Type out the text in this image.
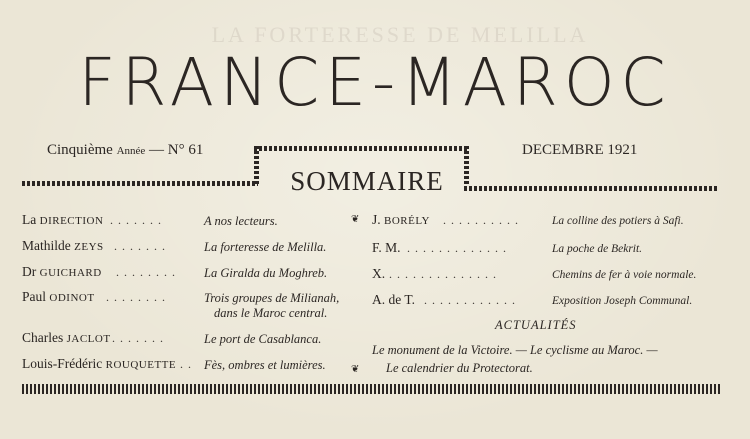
LA FORTERESSE DE MELILLA
FRANCE-MAROC
Cinquième Année — N° 61	DECEMBRE 1921
SOMMAIRE
❦
❦
La DIRECTION . . . . . . .	A nos lecteurs.
Mathilde ZEYS . . . . . . .	La forteresse de Melilla.
Dr GUICHARD . . . . . . . . La Giralda du Moghreb.
Paul ODINOT . . . . . . . .	Trois groupes de Milianah,
dans le Maroc central.
Charles JACLOT . . . . . . .	Le port de Casablanca.
Louis-Frédéric ROUQUETTE . . Fès, ombres et lumières.
J. BORÉLY . . . . . . . . . .	La colline des potiers à Safi.
F. M. . . . . . . . . . . . . .	La poche de Bekrit.
X. . . . . . . . . . . . . . .	Chemins de fer à voie normale.
A. de T. . . . . . . . . . . . .	Exposition Joseph Communal.
ACTUALITÉS
Le monument de la Victoire. — Le cyclisme au Maroc. —
Le calendrier du Protectorat.
